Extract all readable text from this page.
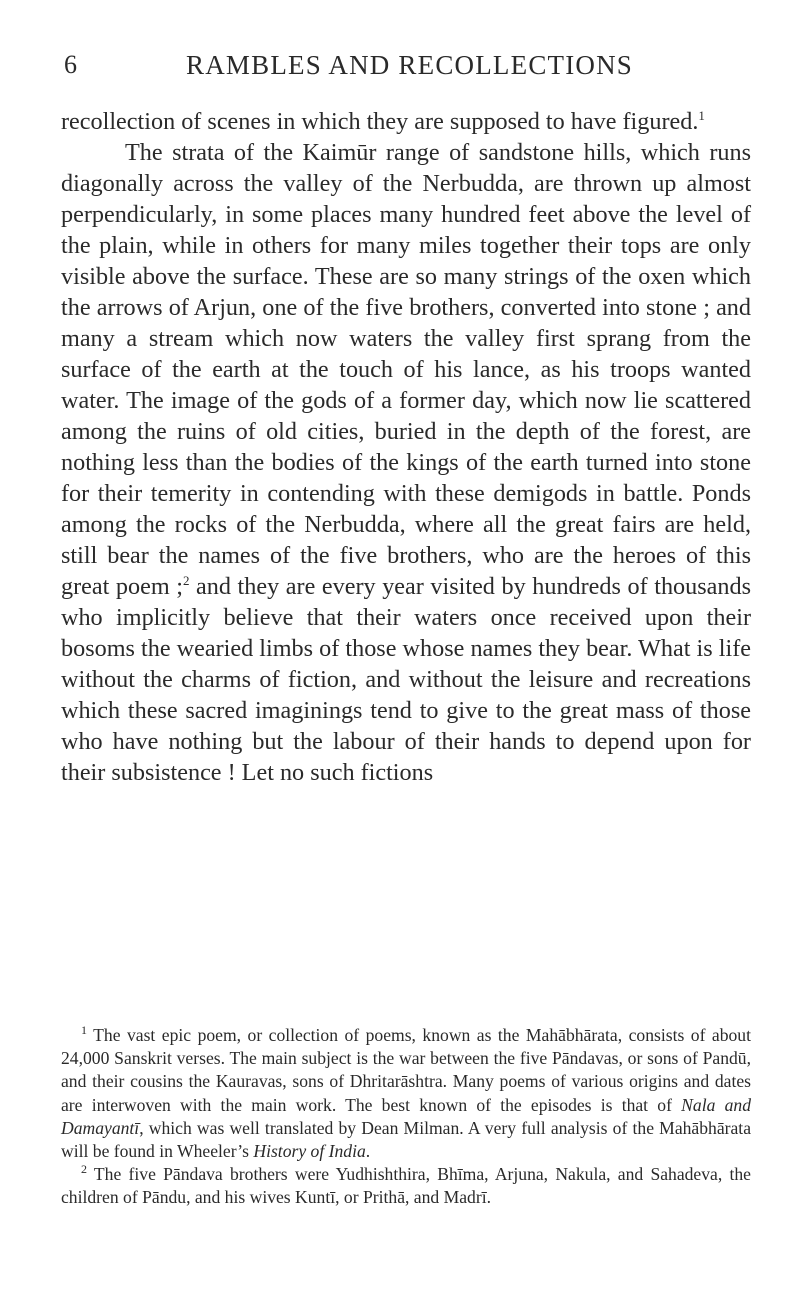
6	RAMBLES AND RECOLLECTIONS

recollection of scenes in which they are supposed to have figured.$^1$

The strata of the Kaimūr range of sandstone hills, which runs diagonally across the valley of the Nerbudda, are thrown up almost perpendicularly, in some places many hundred feet above the level of the plain, while in others for many miles together their tops are only visible above the surface. These are so many strings of the oxen which the arrows of Arjun, one of the five brothers, converted into stone ; and many a stream which now waters the valley first sprang from the surface of the earth at the touch of his lance, as his troops wanted water. The image of the gods of a former day, which now lie scattered among the ruins of old cities, buried in the depth of the forest, are nothing less than the bodies of the kings of the earth turned into stone for their temerity in contending with these demigods in battle. Ponds among the rocks of the Nerbudda, where all the great fairs are held, still bear the names of the five brothers, who are the heroes of this great poem ;$^2$ and they are every year visited by hundreds of thousands who implicitly believe that their waters once received upon their bosoms the wearied limbs of those whose names they bear. What is life without the charms of fiction, and without the leisure and recreations which these sacred imaginings tend to give to the great mass of those who have nothing but the labour of their hands to depend upon for their subsistence ! Let no such fictions

$^1$ The vast epic poem, or collection of poems, known as the Mahābhārata, consists of about 24,000 Sanskrit verses. The main subject is the war between the five Pāndavas, or sons of Pandū, and their cousins the Kauravas, sons of Dhritarāshtra. Many poems of various origins and dates are interwoven with the main work. The best known of the episodes is that of Nala and Damayantī, which was well translated by Dean Milman. A very full analysis of the Mahābhārata will be found in Wheeler’s History of India.

$^2$ The five Pāndava brothers were Yudhishthira, Bhīma, Arjuna, Nakula, and Sahadeva, the children of Pāndu, and his wives Kuntī, or Prithā, and Madrī.
